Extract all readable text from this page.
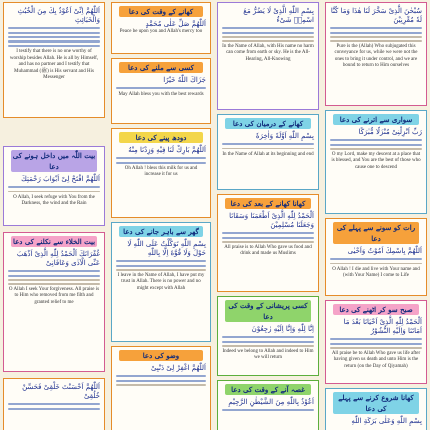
اَللّٰهُمَّ اِنِّیْ اَعُوْذُ بِكَ مِنَ الْخُبُثِ وَالْخَبَائِثِ
I testify that there is no one worthy of worship besides Allah. He is all by Himself, and has no partner and I testify that Muhammad (ﷺ) is His servant and His Messenger
بیت اللّٰہ میں داخل ہونے کی دعا
اَللّٰهُمَّ افْتَحْ لِیْ اَبْوَابَ رَحْمَتِكَ
O Allah, I seek refuge with You from the Darkness, the wind and the Rain
بیت الخلاء سے نکلنے کی دعا
غُفْرَانَكَ اَلْحَمْدُ لِلّٰهِ الَّذِیْ اَذْهَبَ عَنِّی الْاَذٰی وَعَافَانِیْ
O Allah I seek Your forgiveness. All praise is to Him who removed from me filth and granted relief to me
اَللّٰهُمَّ اَحْسَنْتَ خَلْقِیْ فَحَسِّنْ خُلُقِیْ
کھانے کے وقت کی دعا
اَللّٰهُمَّ صَلِّ عَلٰی مُحَمَّدٍ
Peace be upon you and Allah's mercy too
کسی سے ملنے کی دعا
جَزَاكَ اللّٰهُ خَیْرًا
May Allah bless you with the best rewards
دودھ پینے کی دعا
اَللّٰهُمَّ بَارِكْ لَنَا فِیْهِ وَزِدْنَا مِنْهُ
Oh Allah ! bless this milk for us and increase it for us
گھر سے باہر جانے کی دعا
بِسْمِ اللّٰهِ تَوَكَّلْتُ عَلَی اللّٰهِ لَا حَوْلَ وَلَا قُوَّةَ اِلَّا بِاللّٰهِ
I leave in the Name of Allah, I have put my trust in Allah. There is no power and no might except with Allah
وضو کی دعا
اَللّٰهُمَّ اغْفِرْ لِیْ ذَنْبِیْ
بِسْمِ اللّٰهِ الَّذِیْ لَا یَضُرُّ مَعَ اسْمِهٖ شَیْءٌ
In the Name of Allah, with His name no harm can come from earth or sky. He is the All-Hearing, All-Knowing
کھانے کے درمیان کی دعا
بِسْمِ اللّٰهِ اَوَّلَهٗ وَاٰخِرَهٗ
In the Name of Allah at its beginning and end
کھانا کھانے کے بعد کی دعا
اَلْحَمْدُ لِلّٰهِ الَّذِیْ اَطْعَمَنَا وَسَقَانَا وَجَعَلَنَا مُسْلِمِیْنَ
All praise is to Allah Who gave us food and drink and made us Muslims
کسی پریشانی کے وقت کی دعا
اِنَّا لِلّٰهِ وَاِنَّا اِلَیْهِ رٰجِعُوْنَ
Indeed we belong to Allah and indeed to Him we will return
غصہ آنے کے وقت کی دعا
اَعُوْذُ بِاللّٰهِ مِنَ الشَّیْطٰنِ الرَّجِیْمِ
سُبْحٰنَ الَّذِیْ سَخَّرَ لَنَا هٰذَا وَمَا كُنَّا لَهٗ مُقْرِنِیْنَ
Pure is the (Allah) Who subjugated this conveyance for us, while we were not the ones to bring it under control, and we are bound to return to Him ourselves
سواری سے اترنے کی دعا
رَبِّ اَنْزِلْنِیْ مُنْزَلًا مُّبٰرَكًا
O my Lord, make my descent at a place that is blessed, and You are the best of those who cause one to descend
رات کو سونے سے پہلے کی دعا
اَللّٰهُمَّ بِاسْمِكَ اَمُوْتُ وَاَحْیٰی
O Allah ! I die and live with Your name and (with Your Name) I come to Life
صبح سو کر اٹھنے کی دعا
اَلْحَمْدُ لِلّٰهِ الَّذِیْ اَحْیَانَا بَعْدَ مَا اَمَاتَنَا وَاِلَیْهِ النُّشُوْرُ
All praise be to Allah Who gave us life after having given us death and unto Him is the return (on the Day of Qiyamah)
کھانا شروع کرنے سے پہلے کی دعا
بِسْمِ اللّٰهِ وَعَلٰی بَرَكَةِ اللّٰهِ
